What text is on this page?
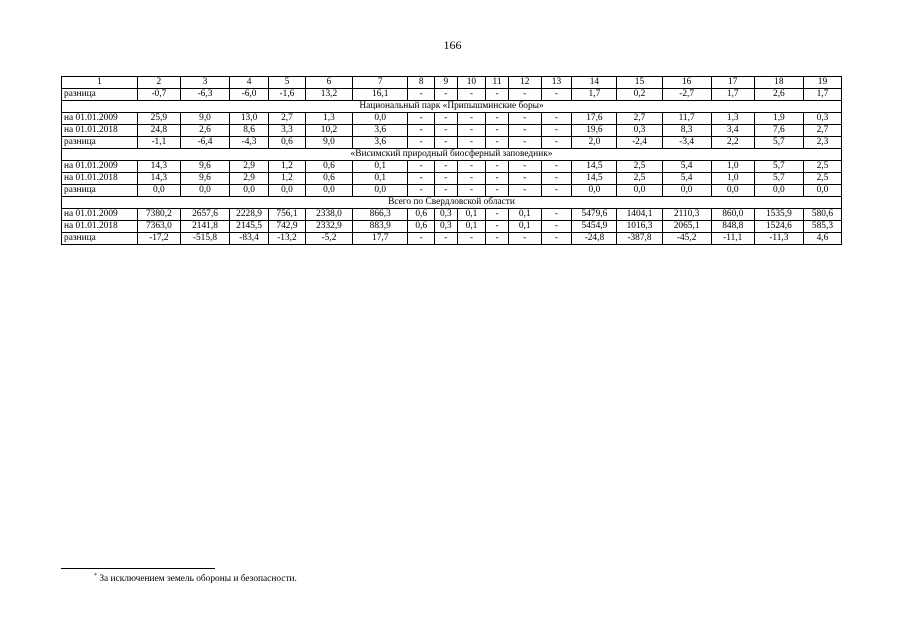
166
1	2	3	4	5	6	7	8	9	10	11	12	13	14	15	16	17	18	19
разница	-0,7	-6,3	-6,0	-1,6	13,2	16,1	-	-	-	-	-	-	1,7	0,2	-2,7	1,7	2,6	1,7
Национальный парк «Припышминские боры»																		
на 01.01.2009	25,9	9,0	13,0	2,7	1,3	0,0	-	-	-	-	-	-	17,6	2,7	11,7	1,3	1,9	0,3
на 01.01.2018	24,8	2,6	8,6	3,3	10,2	3,6	-	-	-	-	-	-	19,6	0,3	8,3	3,4	7,6	2,7
разница	-1,1	-6,4	-4,3	0,6	9,0	3,6	-	-	-	-	-	-	2,0	-2,4	-3,4	2,2	5,7	2,3
«Висимский природный биосферный заповедник»																		
на 01.01.2009	14,3	9,6	2,9	1,2	0,6	0,1	-	-	-	-	-	-	14,5	2,5	5,4	1,0	5,7	2,5
на 01.01.2018	14,3	9,6	2,9	1,2	0,6	0,1	-	-	-	-	-	-	14,5	2,5	5,4	1,0	5,7	2,5
разница	0,0	0,0	0,0	0,0	0,0	0,0	-	-	-	-	-	-	0,0	0,0	0,0	0,0	0,0	0,0
Всего по Свердловской области																		
на 01.01.2009	7380,2	2657,6	2228,9	756,1	2338,0	866,3	0,6	0,3	0,1	-	0,1	-	5479,6	1404,1	2110,3	860,0	1535,9	580,6
на 01.01.2018	7363,0	2141,8	2145,5	742,9	2332,9	883,9	0,6	0,3	0,1	-	0,1	-	5454,9	1016,3	2065,1	848,8	1524,6	585,3
разница	-17,2	-515,8	-83,4	-13,2	-5,2	17,7	-	-	-	-	-	-	-24,8	-387,8	-45,2	-11,1	-11,3	4,6
* За исключением земель обороны и безопасности.
